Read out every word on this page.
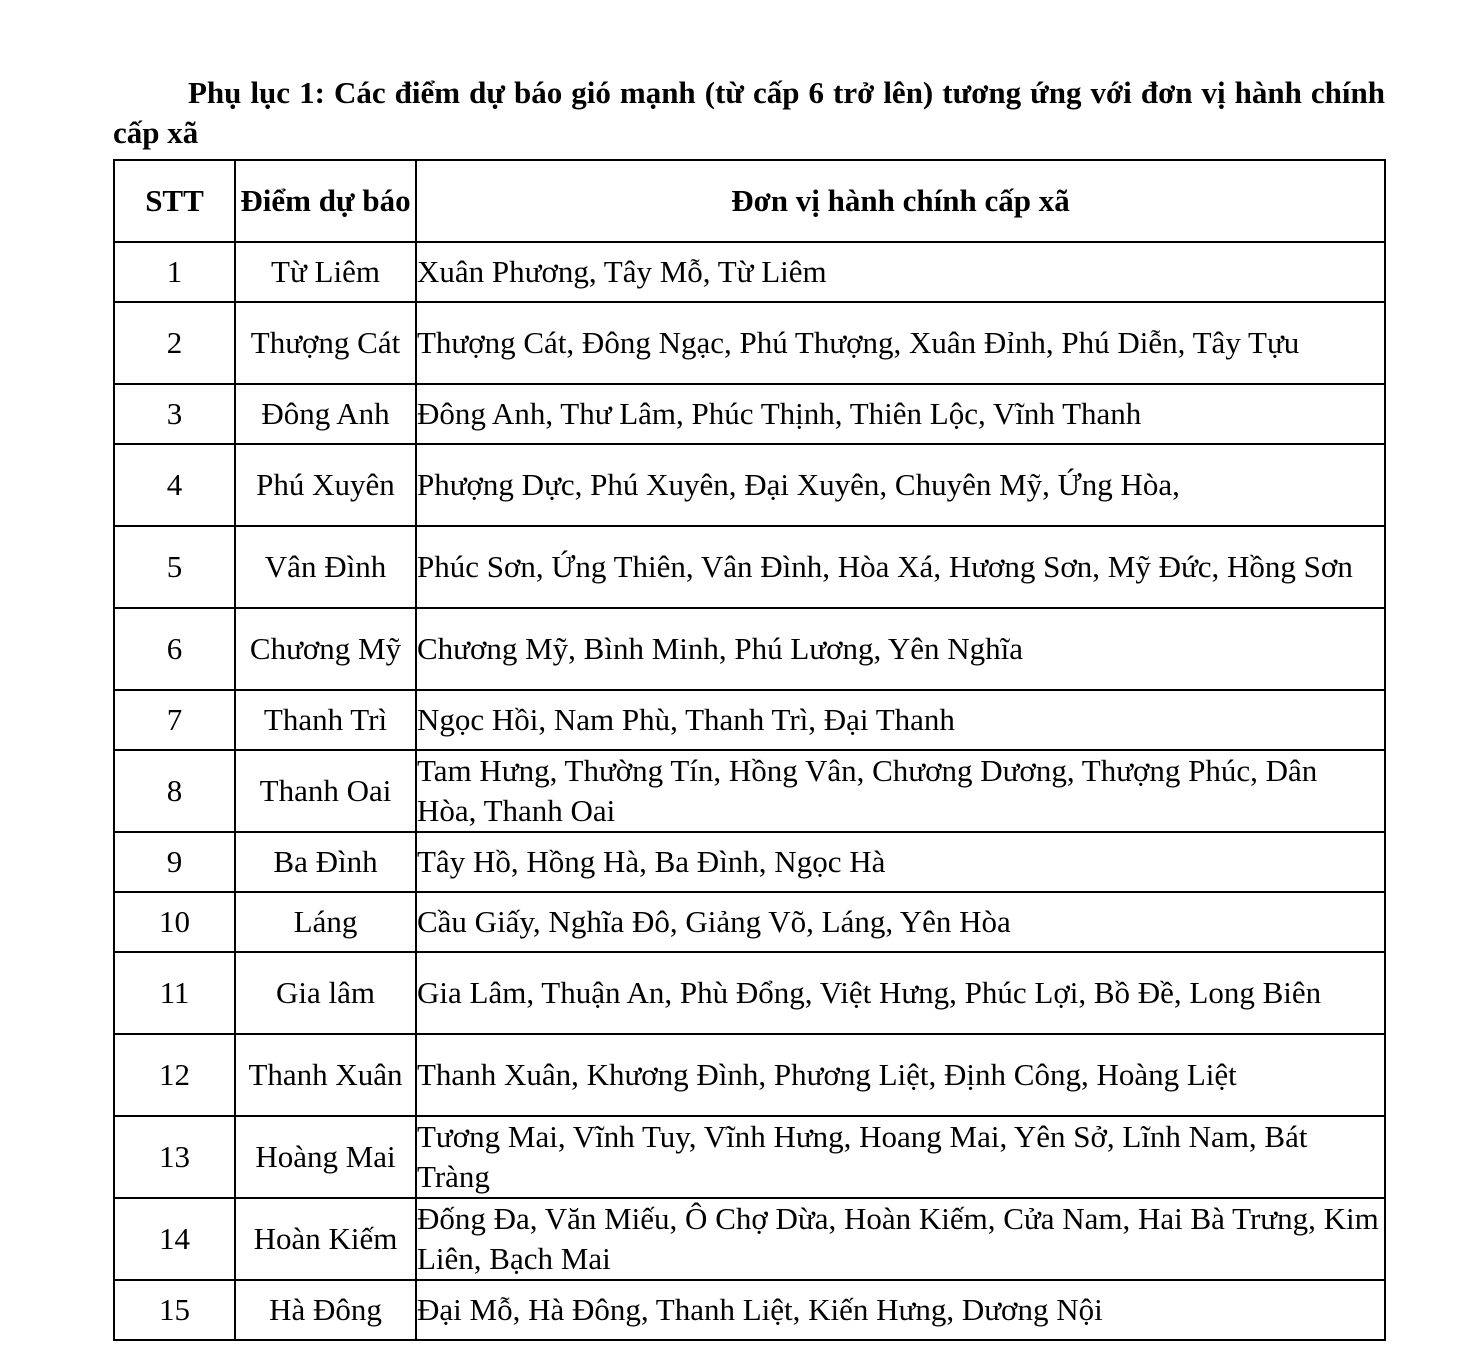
Phụ lục 1: Các điểm dự báo gió mạnh (từ cấp 6 trở lên) tương ứng với đơn vị hành chính cấp xã
STT	Điểm dự báo	Đơn vị hành chính cấp xã
1	Từ Liêm	Xuân Phương, Tây Mỗ, Từ Liêm
2	Thượng Cát	Thượng Cát, Đông Ngạc, Phú Thượng, Xuân Đỉnh, Phú Diễn, Tây Tựu
3	Đông Anh	Đông Anh, Thư Lâm, Phúc Thịnh, Thiên Lộc, Vĩnh Thanh
4	Phú Xuyên	Phượng Dực, Phú Xuyên, Đại Xuyên, Chuyên Mỹ, Ứng Hòa,
5	Vân Đình	Phúc Sơn, Ứng Thiên, Vân Đình, Hòa Xá, Hương Sơn, Mỹ Đức, Hồng Sơn
6	Chương Mỹ	Chương Mỹ, Bình Minh, Phú Lương, Yên Nghĩa
7	Thanh Trì	Ngọc Hồi, Nam Phù, Thanh Trì, Đại Thanh
8	Thanh Oai	Tam Hưng, Thường Tín, Hồng Vân, Chương Dương, Thượng Phúc, Dân Hòa, Thanh Oai
9	Ba Đình	Tây Hồ, Hồng Hà, Ba Đình, Ngọc Hà
10	Láng	Cầu Giấy, Nghĩa Đô, Giảng Võ, Láng, Yên Hòa
11	Gia lâm	Gia Lâm, Thuận An, Phù Đổng, Việt Hưng, Phúc Lợi, Bồ Đề, Long Biên
12	Thanh Xuân	Thanh Xuân, Khương Đình, Phương Liệt, Định Công, Hoàng Liệt
13	Hoàng Mai	Tương Mai, Vĩnh Tuy, Vĩnh Hưng, Hoang Mai, Yên Sở, Lĩnh Nam, Bát Tràng
14	Hoàn Kiếm	Đống Đa, Văn Miếu, Ô Chợ Dừa, Hoàn Kiếm, Cửa Nam, Hai Bà Trưng, Kim Liên, Bạch Mai
15	Hà Đông	Đại Mỗ, Hà Đông, Thanh Liệt, Kiến Hưng, Dương Nội
